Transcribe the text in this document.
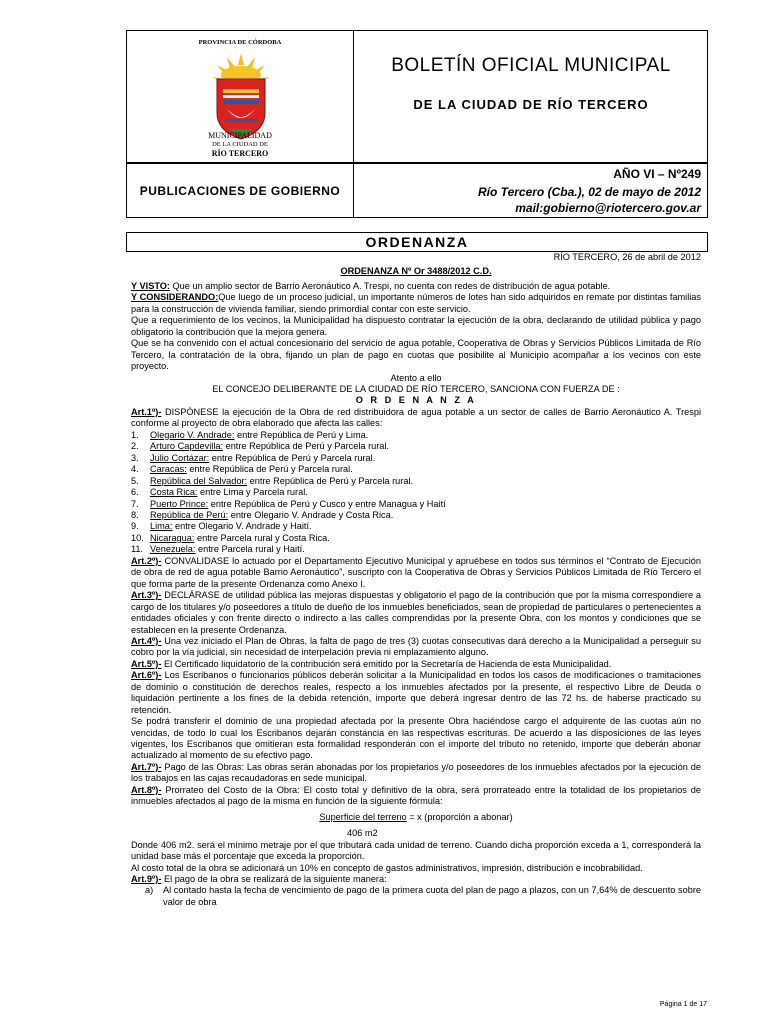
PROVINCIA DE CÓRDOBA
MUNICIPALIDAD
DE LA CIUDAD DE
RÍO TERCERO
BOLETÍN OFICIAL MUNICIPAL
DE LA CIUDAD DE RÍO TERCERO
PUBLICACIONES DE GOBIERNO
AÑO VI – Nº249
Río Tercero (Cba.), 02 de mayo de 2012
mail:gobierno@riotercero.gov.ar
ORDENANZA

RÍO TERCERO, 26 de abril de 2012

ORDENANZA Nº Or 3488/2012 C.D.

Y VISTO: Que un amplio sector de Barrio Aeronáutico A. Trespi, no cuenta con redes de distribución de agua potable.

Y CONSIDERANDO:Que luego de un proceso judicial, un importante números de lotes han sido adquiridos en remate por distintas familias para la construcción de vivienda familiar, siendo primordial contar con este servicio.

Que a requerimiento de los vecinos, la Municipalidad ha dispuesto contratar la ejecución de la obra, declarando de utilidad pública y pago obligatorio la contribución que la mejora genera.

Que se ha convenido con el actual concesionario del servicio de agua potable, Cooperativa de Obras y Servicios Públicos Limitada de Río Tercero, la contratación de la obra, fijando un plan de pago en cuotas que posibilite al Municipio acompañar a los vecinos con este proyecto.

Atento a ello

EL CONCEJO DELIBERANTE DE LA CIUDAD DE RÍO TERCERO, SANCIONA CON FUERZA DE :

O R D E N A N Z A

Art.1º)- DISPÓNESE la ejecución de la Obra de red distribuidora de agua potable a un sector de calles de Barrio Aeronáutico A. Trespi conforme al proyecto de obra elaborado que afecta las calles:

1.	Olegario V. Andrade: entre República de Perú y Lima.
2.	Arturo Capdevilla: entre República de Perú y Parcela rural.
3.	Julio Cortázar: entre República de Perú y Parcela rural.
4.	Caracas: entre República de Perú y Parcela rural.
5.	República del Salvador: entre República de Perú y Parcela rural.
6.	Costa Rica: entre Lima y Parcela rural.
7.	Puerto Prince: entre República de Perú y Cusco y entre Managua y Haití
8.	República de Perú: entre Olegario V. Andrade y Costa Rica.
9.	Lima: entre Olegario V. Andrade y Haití.
10. Nicaragua: entre Parcela rural y Costa Rica.
11. Venezuela: entre Parcela rural y Haití.

Art.2º)- CONVALIDASE lo actuado por el Departamento Ejecutivo Municipal y apruébese en todos sus términos el “Contrato de Ejecución de obra de red de agua potable Barrio Aeronáutico”, suscripto con la Cooperativa de Obras y Servicios Públicos Limitada de Río Tercero el que forma parte de la presente Ordenanza como Anexo I.

Art.3º)- DECLÁRASE de utilidad pública las mejoras dispuestas y obligatorio el pago de la contribución que por la misma correspondiere a cargo de los titulares y/o poseedores a título de dueño de los inmuebles beneficiados, sean de propiedad de particulares o pertenecientes a entidades oficiales y con frente directo o indirecto a las calles comprendidas por la presente Obra, con los montos y condiciones que se establecen en la presente Ordenanza.

Art.4º)- Una vez iniciado el Plan de Obras, la falta de pago de tres (3) cuotas consecutivas dará derecho a la Municipalidad a perseguir su cobro por la vía judicial, sin necesidad de interpelación previa ni emplazamiento alguno.

Art.5º)- El Certificado liquidatorio de la contribución será emitido por la Secretaría de Hacienda de esta Municipalidad.

Art.6º)- Los Escribanos o funcionarios públicos deberán solicitar a la Municipalidad en todos los casos de modificaciones o tramitaciones de dominio o constitución de derechos reales, respecto a los inmuebles afectados por la presente, el respectivo Libre de Deuda o liquidación pertinente a los fines de la debida retención, importe que deberá ingresar dentro de las 72 hs. de haberse practicado su retención.

Se podrá transferir el dominio de una propiedad afectada por la presente Obra haciéndose cargo el adquirente de las cuotas aún no vencidas, de todo lo cual los Escribanos dejarán constancia en las respectivas escrituras. De acuerdo a las disposiciones de las leyes vigentes, los Escribanos que omitieran esta formalidad responderán con el importe del tributo no retenido, importe que deberán abonar actualizado al momento de su efectivo pago.

Art.7º)- Pago de las Obras: Las obras serán abonadas por los propietarios y/o poseedores de los inmuebles afectados por la ejecución de los trabajos en las cajas recaudadoras en sede municipal.

Art.8º)- Prorrateo del Costo de la Obra: El costo total y definitivo de la obra, será prorrateado entre la totalidad de los propietarios de inmuebles afectados al pago de la misma en función de la siguiente fórmula:

Superficie del terreno = x (proporción a abonar)

406 m2

Donde 406 m2. será el mínimo metraje por el que tributará cada unidad de terreno. Cuando dicha proporción exceda a 1, corresponderá la unidad base más el porcentaje que exceda la proporción.

Al costo total de la obra se adicionará un 10% en concepto de gastos administrativos, impresión, distribución e incobrabilidad.

Art.9º)- El pago de la obra se realizará de la siguiente manera:

a)	Al contado hasta la fecha de vencimiento de pago de la primera cuota del plan de pago a plazos, con un 7,64% de descuento sobre valor de obra
Página 1 de 17
